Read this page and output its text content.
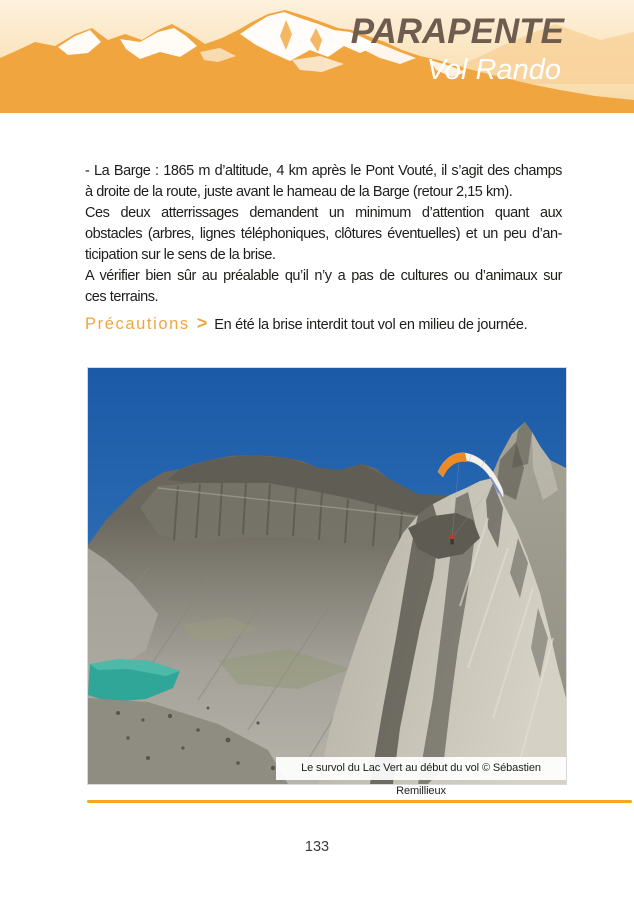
PARAPENTE
Vol Rando
- La Barge : 1865 m d’altitude, 4 km après le Pont Vouté, il s’agit des champs
à droite de la route, juste avant le hameau de la Barge (retour 2,15 km).
Ces deux atterrissages demandent un minimum d’attention quant aux
obstacles (arbres, lignes téléphoniques, clôtures éventuelles) et un peu d’an-
ticipation sur le sens de la brise.
A vérifier bien sûr au préalable qu’il n’y a pas de cultures ou d’animaux sur
ces terrains.
Précautions > En été la brise interdit tout vol en milieu de journée.
Le survol du Lac Vert au début du vol © Sébastien Remillieux
133
